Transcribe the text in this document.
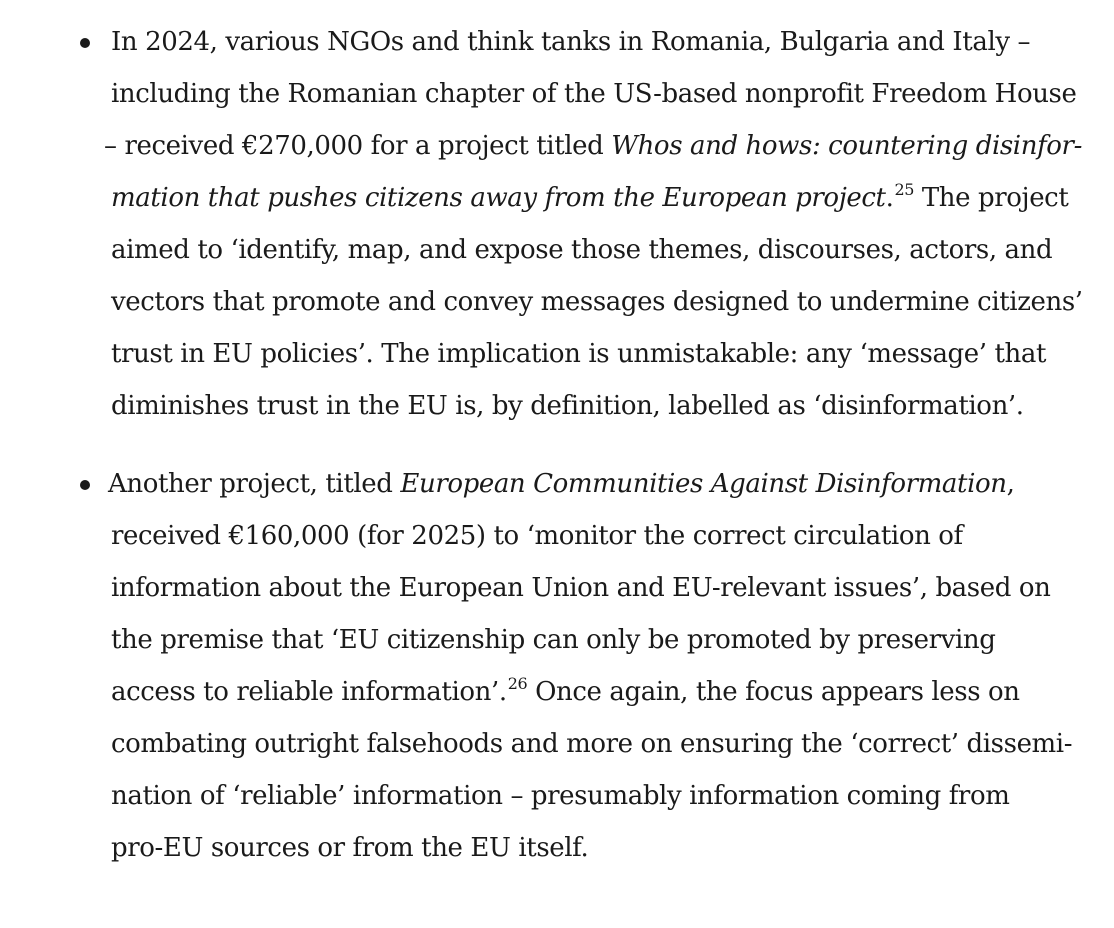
In 2024, various NGOs and think tanks in Romania, Bulgaria and Italy –
including the Romanian chapter of the US-based nonprofit Freedom House
– received €270,000 for a project titled Whos and hows: countering disinfor-
mation that pushes citizens away from the European project.$^{25}$ The project
aimed to ‘identify, map, and expose those themes, discourses, actors, and
vectors that promote and convey messages designed to undermine citizens’
trust in EU policies’. The implication is unmistakable: any ‘message’ that
diminishes trust in the EU is, by definition, labelled as ‘disinformation’.
Another project, titled European Communities Against Disinformation,
received €160,000 (for 2025) to ‘monitor the correct circulation of
information about the European Union and EU-relevant issues’, based on
the premise that ‘EU citizenship can only be promoted by preserving
access to reliable information’.$^{26}$ Once again, the focus appears less on
combating outright falsehoods and more on ensuring the ‘correct’ dissemi-
nation of ‘reliable’ information – presumably information coming from
pro-EU sources or from the EU itself.
